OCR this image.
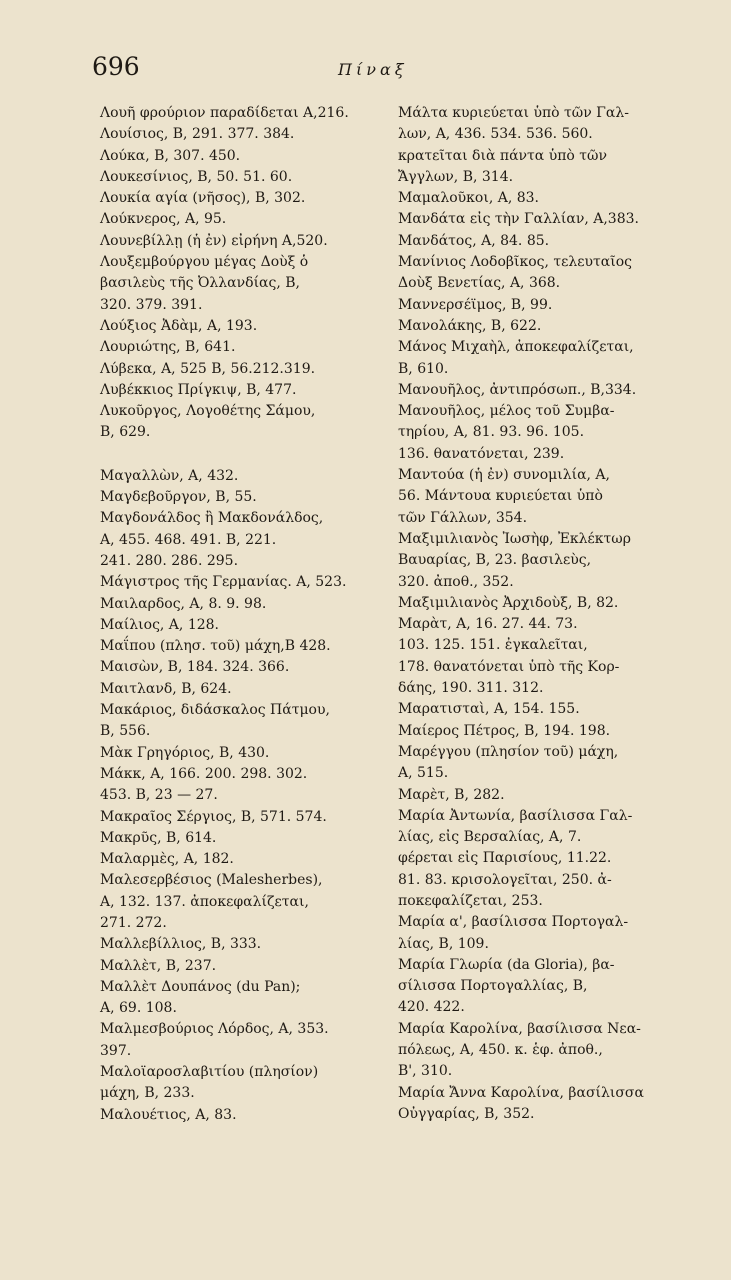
696	Πίναξ
Λουῆ φρούριον παραδίδεται Α,216.
Λουίσιος, Β, 291. 377. 384.
Λούκα, Β, 307. 450.
Λουκεσίνιος, Β, 50. 51. 60.
Λουκία αγία (νῆσος), Β, 302.
Λούκνερος, Α, 95.
Λουνεβίλλῃ (ἡ ἐν) εἰρήνη Α,520.
Λουξεμβούργου μέγας Δοὺξ ὁ
βασιλεὺς τῆς Ὀλλανδίας, Β,
320. 379. 391.
Λούξιος Ἀδὰμ, Α, 193.
Λουριώτης, Β, 641.
Λύβεκα, Α, 525 Β, 56.212.319.
Λυβέκκιος Πρίγκιψ, Β, 477.
Λυκοῦργος, Λογοθέτης Σάμου,
Β, 629.
Μαγαλλὼν, Α, 432.
Μαγδεβοῦργον, Β, 55.
Μαγδονάλδος ἢ Μακδονάλδος,
Α, 455. 468. 491. Β, 221.
241. 280. 286. 295.
Μάγιστρος τῆς Γερμανίας. Α, 523.
Μαιλαρδος, Α, 8. 9. 98.
Μαίλιος, Α, 128.
Μαΐπου (πλησ. τοῦ) μάχη,Β 428.
Μαισὼν, Β, 184. 324. 366.
Μαιτλανδ, Β, 624.
Μακάριος, διδάσκαλος Πάτμου,
Β, 556.
Μὰκ Γρηγόριος, Β, 430.
Μάκκ, Α, 166. 200. 298. 302.
453. Β, 23 — 27.
Μακραῖος Σέργιος, Β, 571. 574.
Μακρῦς, Β, 614.
Μαλαρμὲς, Α, 182.
Μαλεσερβέσιος (Malesherbes),
Α, 132. 137. ἀποκεφαλίζεται,
271. 272.
Μαλλεβίλλιος, Β, 333.
Μαλλὲτ, Β, 237.
Μαλλὲτ Δουπάνος (du Pan);
Α, 69. 108.
Μαλμεσβούριος Λόρδος, Α, 353.
397.
Μαλοϊαροσλαβιτίου (πλησίον)
μάχη, Β, 233.
Μαλουέτιος, Α, 83.
Μάλτα κυριεύεται ὑπὸ τῶν Γαλ-
λων, Α, 436. 534. 536. 560.
κρατεῖται διὰ πάντα ὑπὸ τῶν
Ἄγγλων, Β, 314.
Μαμαλοῦκοι, Α, 83.
Μανδάτα εἰς τὴν Γαλλίαν, Α,383.
Μανδάτος, Α, 84. 85.
Μανίνιος Λοδοβῖκος, τελευταῖος
Δοὺξ Βενετίας, Α, 368.
Μαννερσέϊμος, Β, 99.
Μανολάκης, Β, 622.
Μάνος Μιχαὴλ, ἀποκεφαλίζεται,
Β, 610.
Μανουῆλος, ἀντιπρόσωπ., Β,334.
Μανουῆλος, μέλος τοῦ Συμβα-
τηρίου, Α, 81. 93. 96. 105.
136. θανατόνεται, 239.
Μαντούα (ἡ ἐν) συνομιλία, Α,
56. Μάντουα κυριεύεται ὑπὸ
τῶν Γάλλων, 354.
Μαξιμιλιανὸς Ἰωσὴφ, Ἐκλέκτωρ
Βαυαρίας, Β, 23. βασιλεὺς,
320. ἀποθ., 352.
Μαξιμιλιανὸς Ἀρχιδοὺξ, Β, 82.
Μαρὰτ, Α, 16. 27. 44. 73.
103. 125. 151. ἐγκαλεῖται,
178. θανατόνεται ὑπὸ τῆς Κορ-
δάης, 190. 311. 312.
Μαρατισταὶ, Α, 154. 155.
Μαίερος Πέτρος, Β, 194. 198.
Μαρέγγου (πλησίον τοῦ) μάχη,
Α, 515.
Μαρὲτ, Β, 282.
Μαρία Ἀντωνία, βασίλισσα Γαλ-
λίας, εἰς Βερσαλίας, Α, 7.
φέρεται εἰς Παρισίους, 11.22.
81. 83. κρισολογεῖται, 250. ἀ-
ποκεφαλίζεται, 253.
Μαρία α', βασίλισσα Πορτογαλ-
λίας, Β, 109.
Μαρία Γλωρία (da Gloria), βα-
σίλισσα Πορτογαλλίας, Β,
420. 422.
Μαρία Καρολίνα, βασίλισσα Νεα-
πόλεως, Α, 450. κ. ἑφ. ἀποθ.,
Β', 310.
Μαρία Ἄννα Καρολίνα, βασίλισσα
Οὐγγαρίας, Β, 352.
